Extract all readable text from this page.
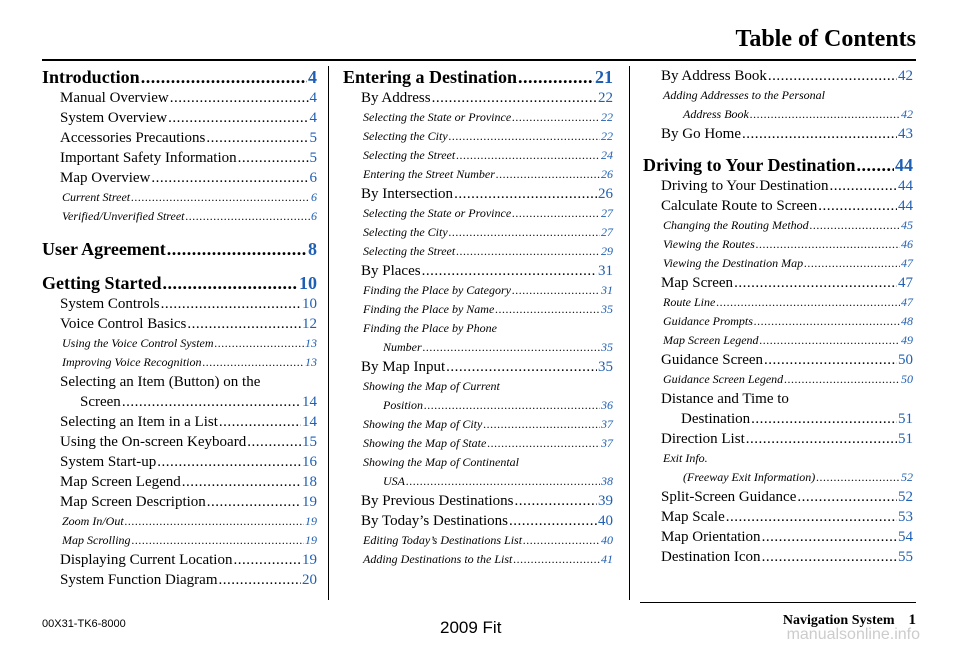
Table of Contents
Introduction .....	4
Manual Overview .....	4
System Overview .....	4
Accessories Precautions .....	5
Important Safety Information .....	5
Map Overview .....	6
Current Street .....	6
Verified/Unverified Street .....	6
User Agreement .....	8
Getting Started .....	10
System Controls .....	10
Voice Control Basics .....	12
Using the Voice Control System .....	13
Improving Voice Recognition .....	13
Selecting an Item (Button) on the
Screen .....	14
Selecting an Item in a List .....	14
Using the On-screen Keyboard .....	15
System Start-up .....	16
Map Screen Legend .....	18
Map Screen Description .....	19
Zoom In/Out .....	19
Map Scrolling .....	19
Displaying Current Location .....	19
System Function Diagram .....	20
Entering a Destination .....	21
By Address .....	22
Selecting the State or Province .....	22
Selecting the City .....	22
Selecting the Street .....	24
Entering the Street Number .....	26
By Intersection .....	26
Selecting the State or Province .....	27
Selecting the City .....	27
Selecting the Street .....	29
By Places .....	31
Finding the Place by Category .....	31
Finding the Place by Name .....	35
Finding the Place by Phone
Number .....	35
By Map Input .....	35
Showing the Map of Current
Position .....	36
Showing the Map of City .....	37
Showing the Map of State .....	37
Showing the Map of Continental
USA .....	38
By Previous Destinations .....	39
By Today’s Destinations .....	40
Editing Today’s Destinations List .....	40
Adding Destinations to the List .....	41
By Address Book .....	42
Adding Addresses to the Personal
Address Book .....	42
By Go Home .....	43
Driving to Your Destination ..... 44
Driving to Your Destination .....	44
Calculate Route to Screen .....	44
Changing the Routing Method .....	45
Viewing the Routes .....	46
Viewing the Destination Map .....	47
Map Screen .....	47
Route Line .....	47
Guidance Prompts .....	48
Map Screen Legend .....	49
Guidance Screen .....	50
Guidance Screen Legend .....	50
Distance and Time to
Destination .....	51
Direction List .....	51
Exit Info.
(Freeway Exit Information) .....	52
Split-Screen Guidance .....	52
Map Scale .....	53
Map Orientation .....	54
Destination Icon .....	55
00X31-TK6-8000	2009 Fit	Navigation System 1
manualsonline.info
